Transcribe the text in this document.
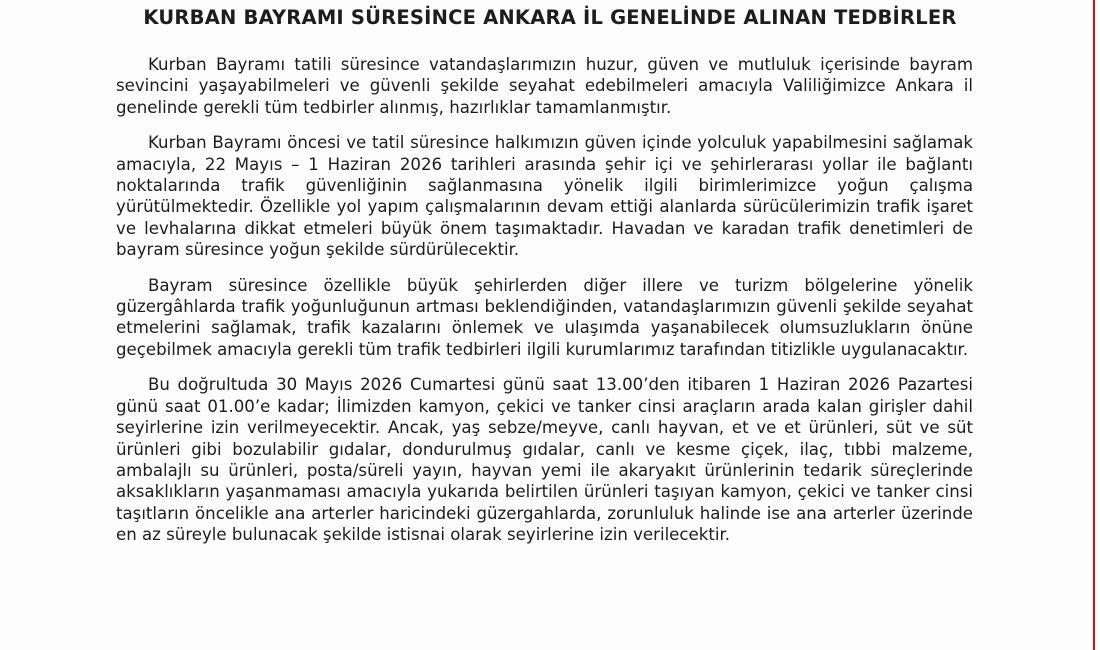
KURBAN BAYRAMI SÜRESİNCE ANKARA İL GENELİNDE ALINAN TEDBİRLER

Kurban Bayramı tatili süresince vatandaşlarımızın huzur, güven ve mutluluk içerisinde bayram sevincini yaşayabilmeleri ve güvenli şekilde seyahat edebilmeleri amacıyla Valiliğimizce Ankara il genelinde gerekli tüm tedbirler alınmış, hazırlıklar tamamlanmıştır.

Kurban Bayramı öncesi ve tatil süresince halkımızın güven içinde yolculuk yapabilmesini sağlamak amacıyla, 22 Mayıs – 1 Haziran 2026 tarihleri arasında şehir içi ve şehirlerarası yollar ile bağlantı noktalarında trafik güvenliğinin sağlanmasına yönelik ilgili birimlerimizce yoğun çalışma yürütülmektedir. Özellikle yol yapım çalışmalarının devam ettiği alanlarda sürücülerimizin trafik işaret ve levhalarına dikkat etmeleri büyük önem taşımaktadır. Havadan ve karadan trafik denetimleri de bayram süresince yoğun şekilde sürdürülecektir.

Bayram süresince özellikle büyük şehirlerden diğer illere ve turizm bölgelerine yönelik güzergâhlarda trafik yoğunluğunun artması beklendiğinden, vatandaşlarımızın güvenli şekilde seyahat etmelerini sağlamak, trafik kazalarını önlemek ve ulaşımda yaşanabilecek olumsuzlukların önüne geçebilmek amacıyla gerekli tüm trafik tedbirleri ilgili kurumlarımız tarafından titizlikle uygulanacaktır.

Bu doğrultuda 30 Mayıs 2026 Cumartesi günü saat 13.00’den itibaren 1 Haziran 2026 Pazartesi günü saat 01.00’e kadar; İlimizden kamyon, çekici ve tanker cinsi araçların arada kalan girişler dahil seyirlerine izin verilmeyecektir. Ancak, yaş sebze/meyve, canlı hayvan, et ve et ürünleri, süt ve süt ürünleri gibi bozulabilir gıdalar, dondurulmuş gıdalar, canlı ve kesme çiçek, ilaç, tıbbi malzeme, ambalajlı su ürünleri, posta/süreli yayın, hayvan yemi ile akaryakıt ürünlerinin tedarik süreçlerinde aksaklıkların yaşanmaması amacıyla yukarıda belirtilen ürünleri taşıyan kamyon, çekici ve tanker cinsi taşıtların öncelikle ana arterler haricindeki güzergahlarda, zorunluluk halinde ise ana arterler üzerinde en az süreyle bulunacak şekilde istisnai olarak seyirlerine izin verilecektir.
